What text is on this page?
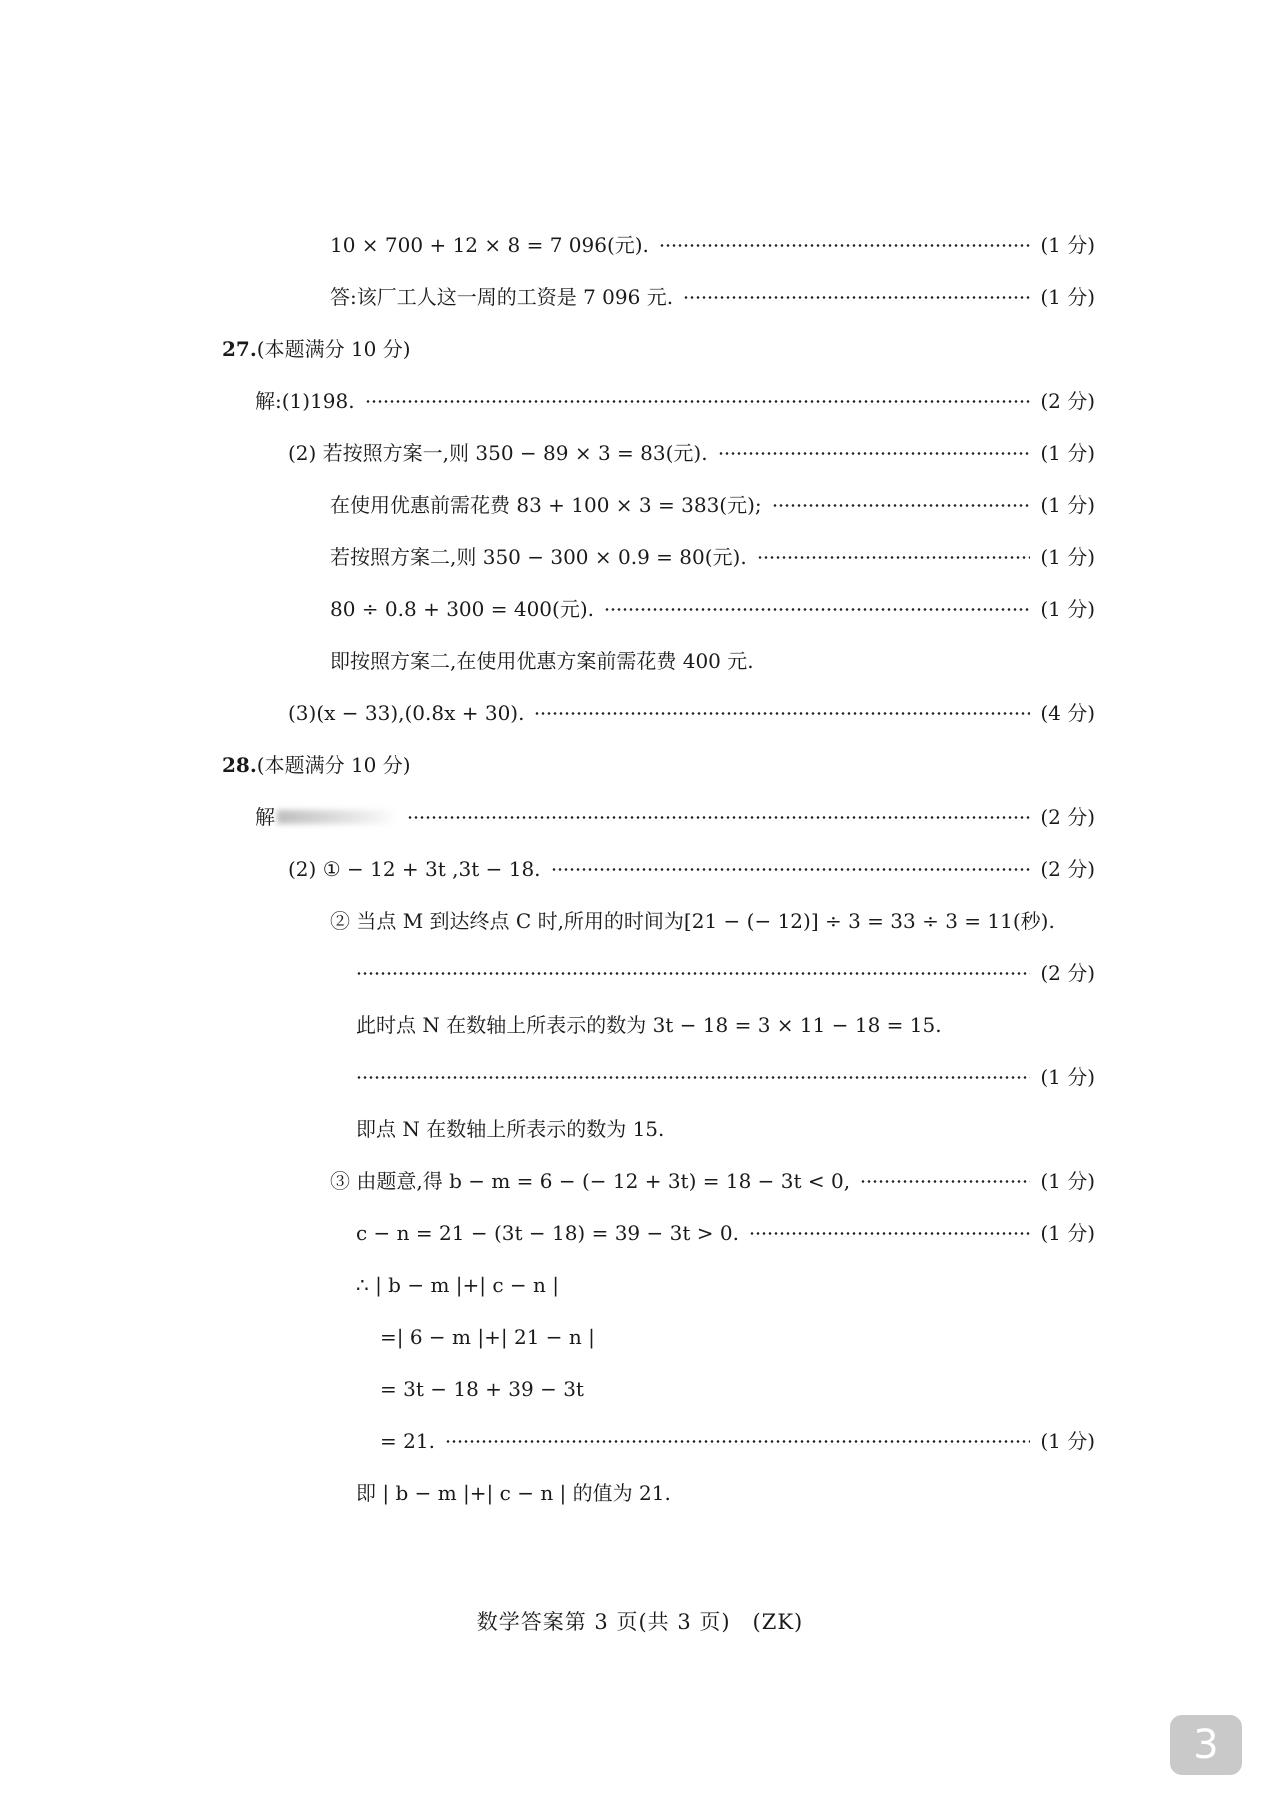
10 × 700 + 12 × 8 = 7 096(元).	(1 分)
答:该厂工人这一周的工资是 7 096 元.	(1 分)
27. (本题满分 10 分)
解:(1)198.	(2 分)
(2) 若按照方案一,则 350 − 89 × 3 = 83(元).	(1 分)
在使用优惠前需花费 83 + 100 × 3 = 383(元);	(1 分)
若按照方案二,则 350 − 300 × 0.9 = 80(元).	(1 分)
80 ÷ 0.8 + 300 = 400(元).	(1 分)
即按照方案二,在使用优惠方案前需花费 400 元.
(3)(x − 33),(0.8x + 30).	(4 分)
28. (本题满分 10 分)
解	(2 分)
(2) ① − 12 + 3t ,3t − 18.	(2 分)
② 当点 M 到达终点 C 时,所用的时间为[21 − (− 12)] ÷ 3 = 33 ÷ 3 = 11(秒).
(2 分)
此时点 N 在数轴上所表示的数为 3t − 18 = 3 × 11 − 18 = 15.
(1 分)
即点 N 在数轴上所表示的数为 15.
③ 由题意,得 b − m = 6 − (− 12 + 3t) = 18 − 3t < 0,	(1 分)
c − n = 21 − (3t − 18) = 39 − 3t > 0.	(1 分)
∴ | b − m |+| c − n |
=| 6 − m |+| 21 − n |
= 3t − 18 + 39 − 3t
= 21.	(1 分)
即 | b − m |+| c − n | 的值为 21.
数学答案第 3 页(共 3 页)　(ZK)
3
